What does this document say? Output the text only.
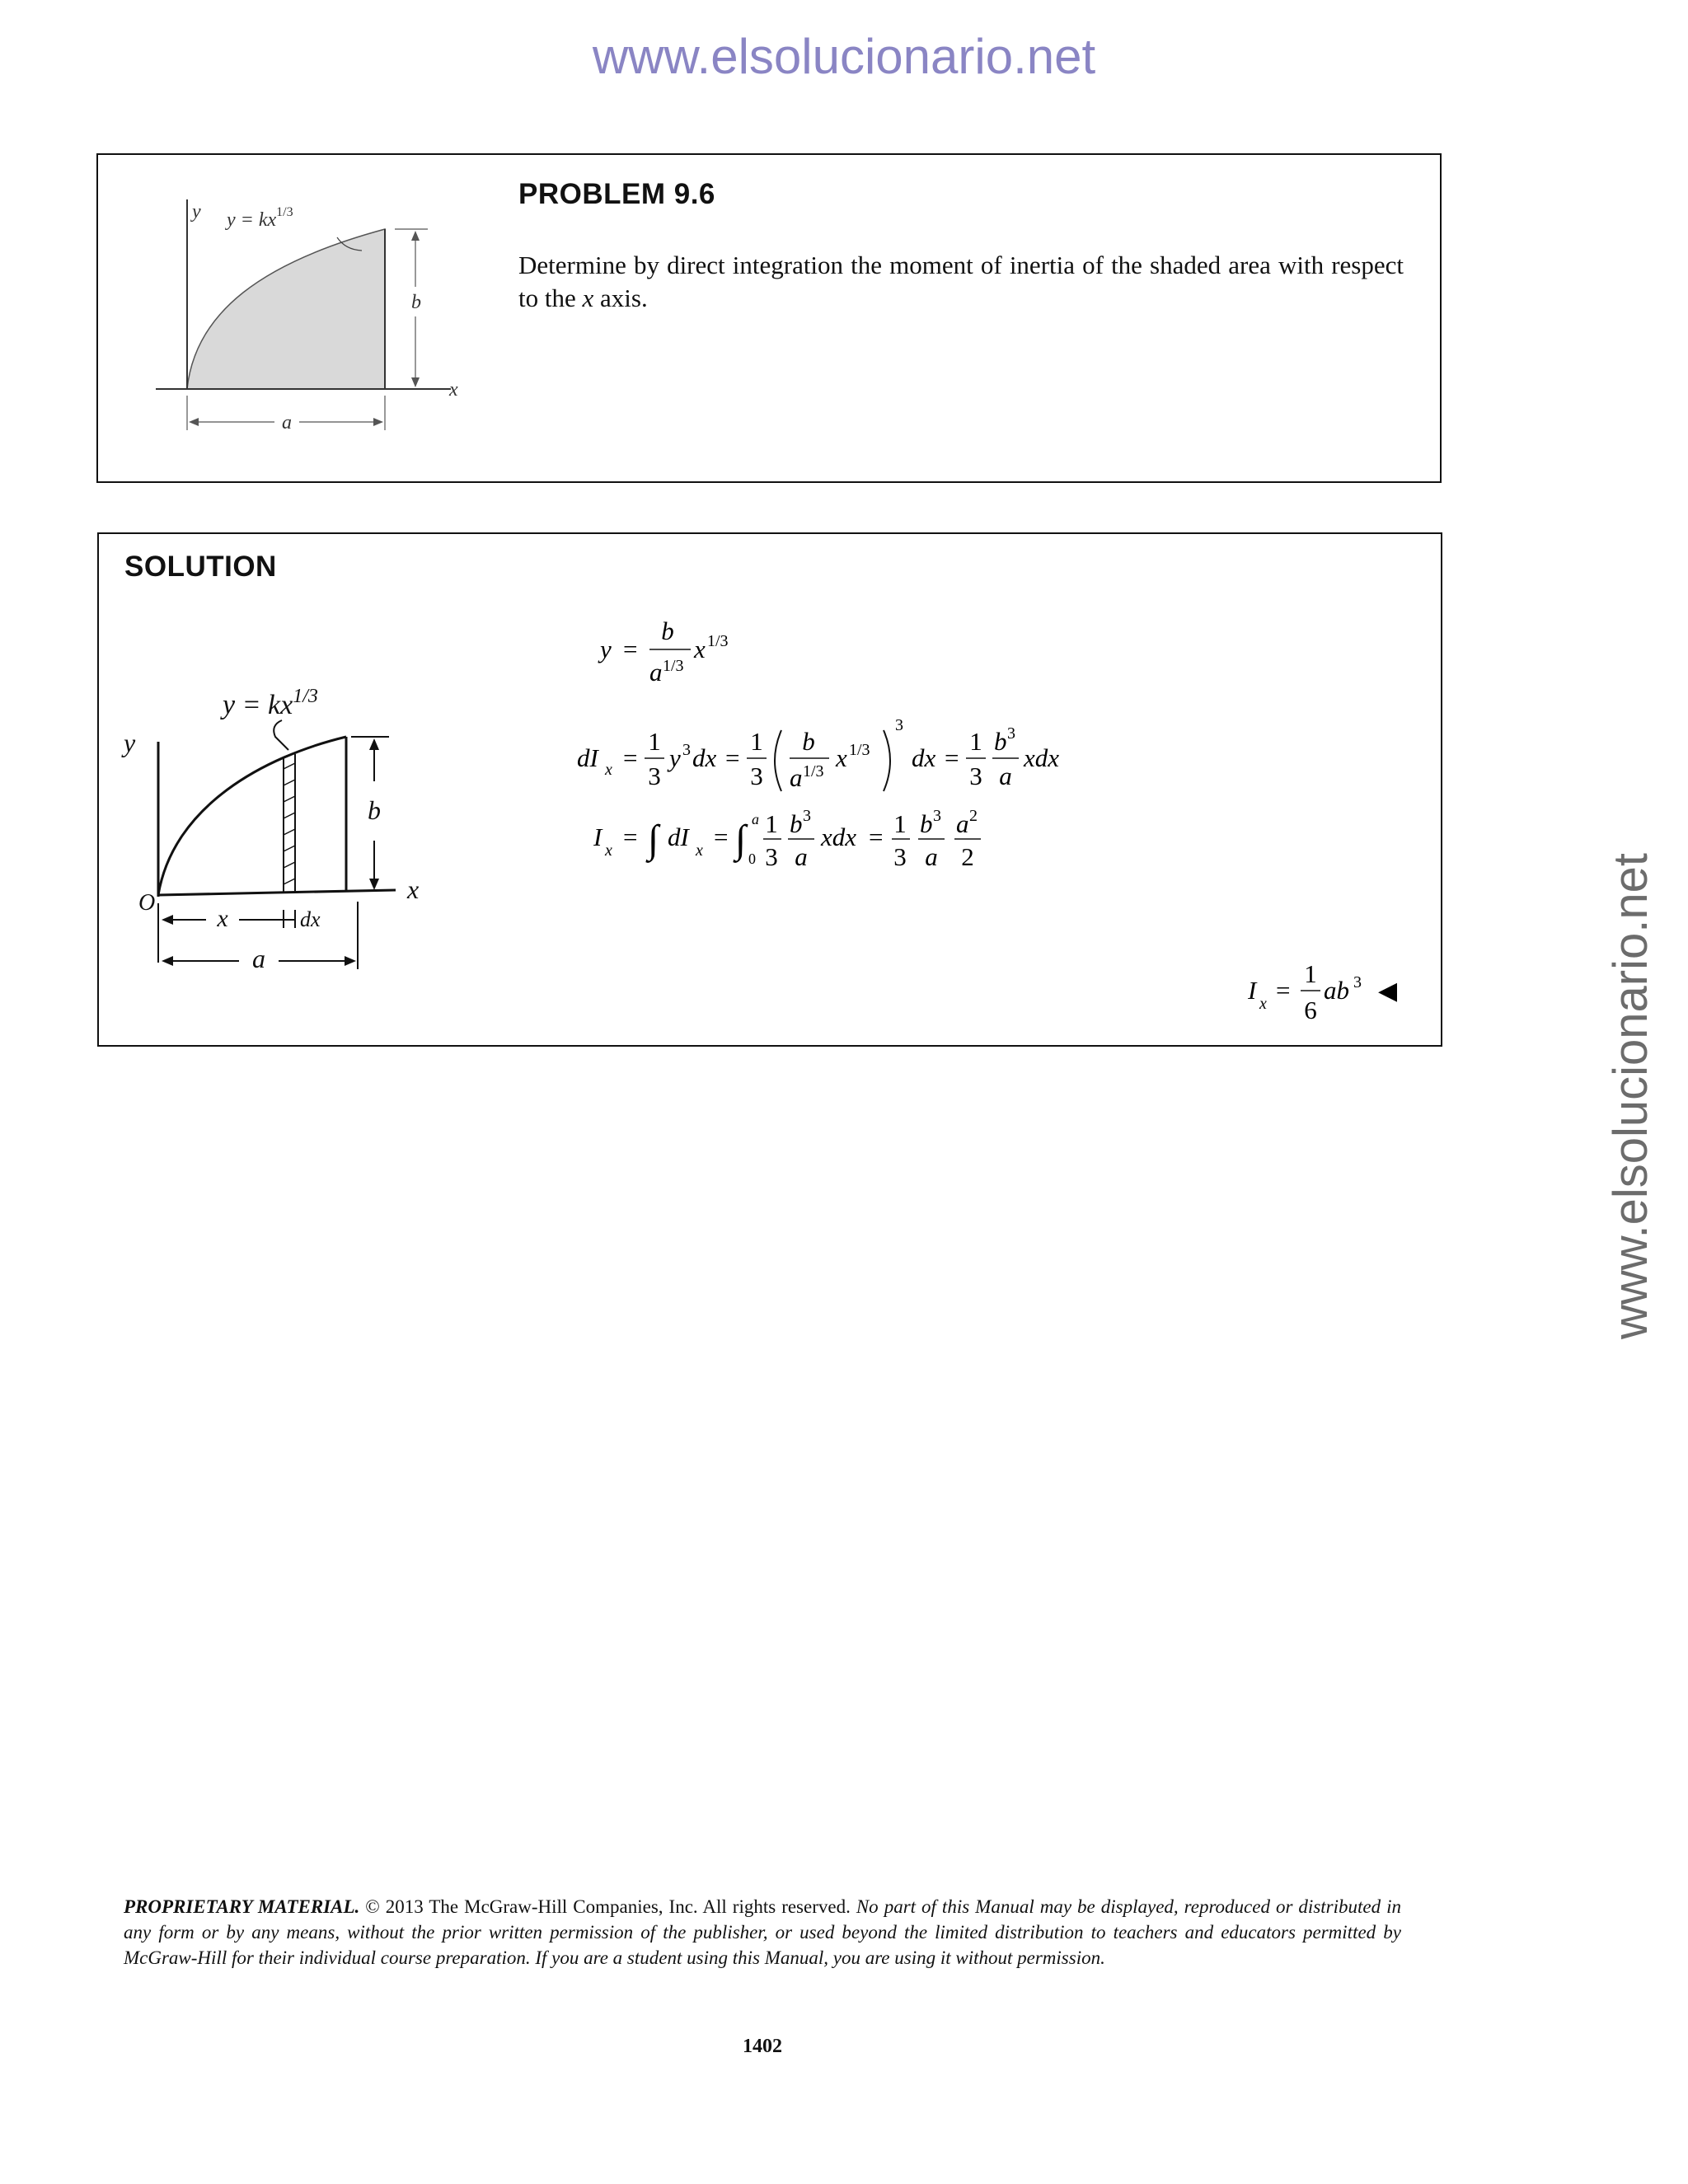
www.elsolucionario.net
www.elsolucionario.net
y $y = kx^{1/3}$
b
x
a
PROBLEM 9.6
Determine by direct integration the moment of inertia of the shaded area with respect to the x axis.
SOLUTION
$y = kx^{1/3}$
y
b
x
O
x	dx
a
y =
b
a 1/3
x 1/3
dI x =
1
3
y 3 dx =
1
3
b
a 1/3 x 1/3
3
dx =
1
3
b 3
a
xdx
I x = ∫ dI x = ∫ a
0
1
3
b 3
a
xdx = 1
3
b 3
a
a 2
2
I x =
1
6
ab 3 ◀
PROPRIETARY MATERIAL. © 2013 The McGraw-Hill Companies, Inc. All rights reserved. No part of this Manual may be displayed, reproduced or distributed in any form or by any means, without the prior written permission of the publisher, or used beyond the limited distribution to teachers and educators permitted by McGraw-Hill for their individual course preparation. If you are a student using this Manual, you are using it without permission.
1402
